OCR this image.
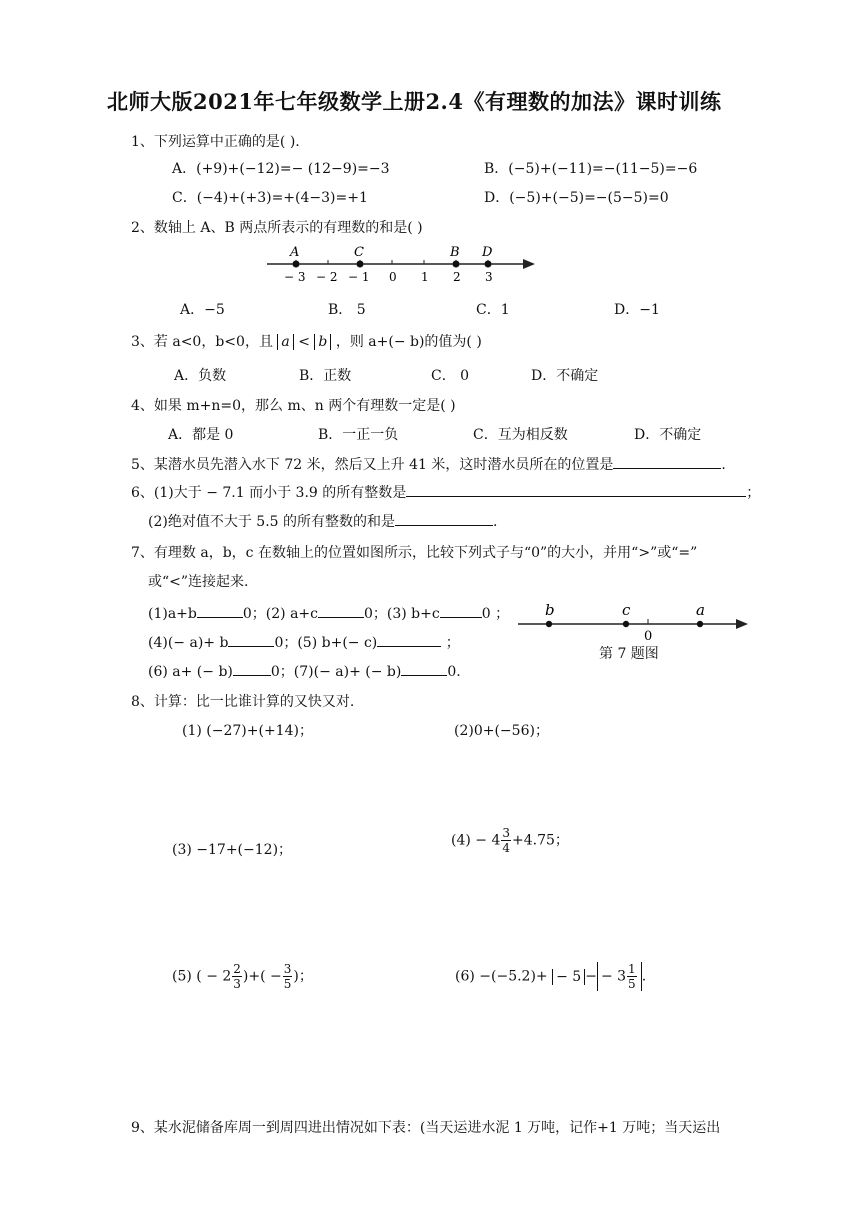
北师大版2021年七年级数学上册2.4《有理数的加法》课时训练
1、下列运算中正确的是( ).
A．(+9)+(−12)=− (12−9)=−3	B．(−5)+(−11)=−(11−5)=−6
C．(−4)+(+3)=+(4−3)=+1	D．(−5)+(−5)=−(5−5)=0
2、数轴上 A、B 两点所表示的有理数的和是( )
A	C	B D
− 3 − 2 − 1 0 1 2 3
A．−5	B． 5	C．1	D．−1
3、若 a<0，b<0，且 a < b ，则 a+(− b)的值为( )
A．负数	B．正数	C． 0	D．不确定
4、如果 m+n=0，那么 m、n 两个有理数一定是( )
A．都是 0	B．一正一负	C．互为相反数	D．不确定
5、某潜水员先潜入水下 72 米，然后又上升 41 米，这时潜水员所在的位置是	.
6、(1)大于 − 7.1 而小于 3.9 的所有整数是	；
(2)绝对值不大于 5.5 的所有整数的和是	.
7、有理数 a，b，c 在数轴上的位置如图所示，比较下列式子与“0”的大小，并用“>”或“=”
或“<”连接起来.
(1)a+b	0；(2) a+c	0；(3) b+c	0 ；
(4)(− a)+ b	0；(5) b+(− c)	；
(6) a+ (− b)	0；(7)(− a)+ (− b)	0.
b	c
0
a
第 7 题图
8、计算：比一比谁计算的又快又对.
(1) (−27)+(+14)；	(2)0+(−56)；
(3) −17+(−12)；
$(4) - 4 \frac{3}{4} +4.75$；
(5) ( − $2 \frac{2}{3}$ )+( − $\frac{3}{5}$ )；	(6) −(−5.2)+ − 5 − − $3 \frac{1}{5}$ .
9、某水泥储备库周一到周四进出情况如下表：(当天运进水泥 1 万吨，记作+1 万吨；当天运出
